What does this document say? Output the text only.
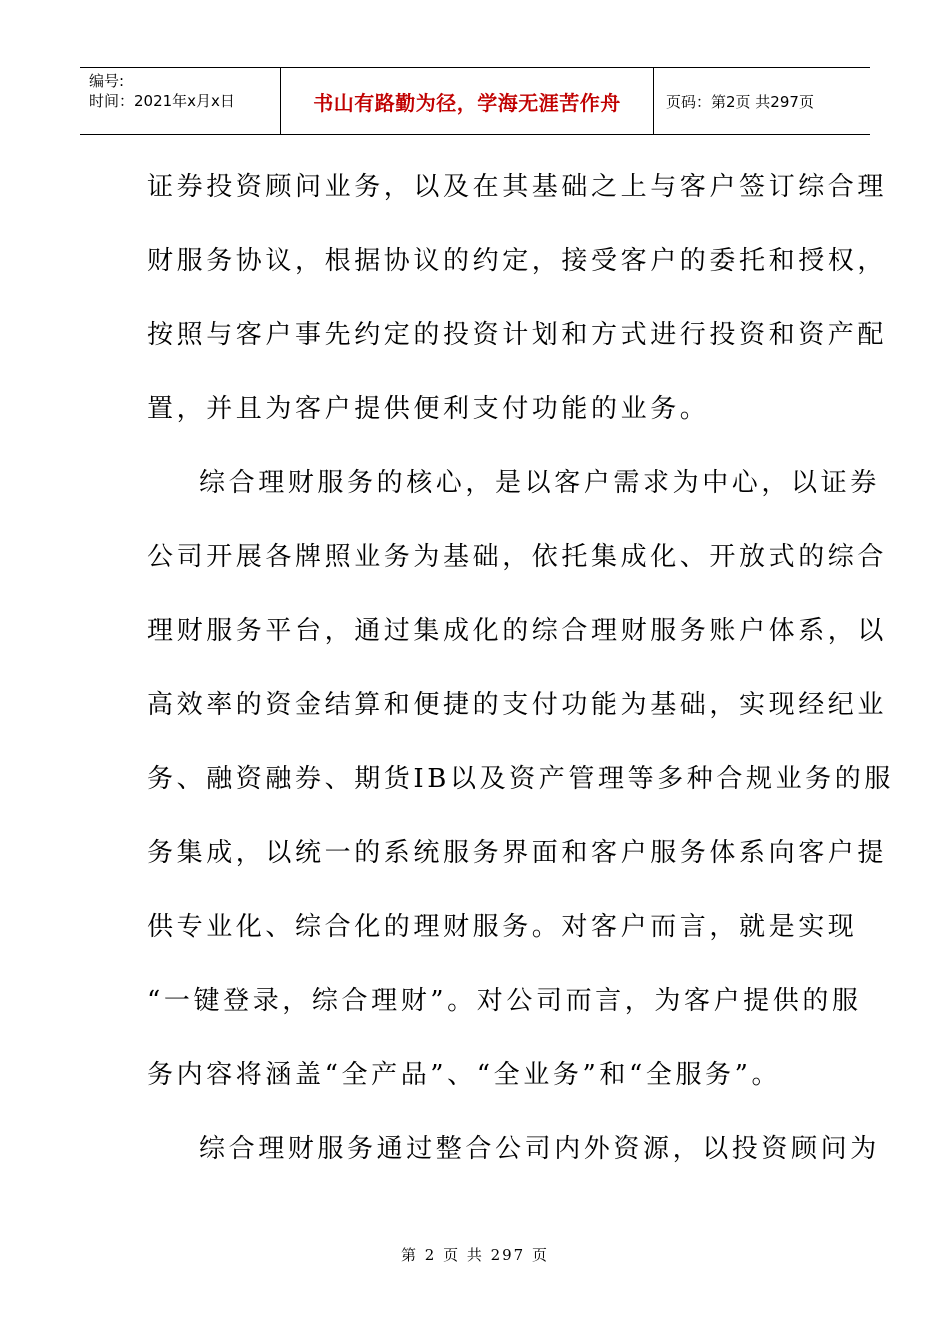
编号:
时间：2021年x月x日	书山有路勤为径，学海无涯苦作舟	页码：第2页 共297页

证券投资顾问业务，以及在其基础之上与客户签订综合理

财服务协议，根据协议的约定，接受客户的委托和授权，

按照与客户事先约定的投资计划和方式进行投资和资产配

置，并且为客户提供便利支付功能的业务。

综合理财服务的核心，是以客户需求为中心，以证券

公司开展各牌照业务为基础，依托集成化、开放式的综合

理财服务平台，通过集成化的综合理财服务账户体系，以

高效率的资金结算和便捷的支付功能为基础，实现经纪业

务、融资融券、期货IB以及资产管理等多种合规业务的服

务集成，以统一的系统服务界面和客户服务体系向客户提

供专业化、综合化的理财服务。对客户而言，就是实现

“一键登录，综合理财”。对公司而言，为客户提供的服

务内容将涵盖“全产品”、“全业务”和“全服务”。

综合理财服务通过整合公司内外资源，以投资顾问为

第 2 页 共 297 页
